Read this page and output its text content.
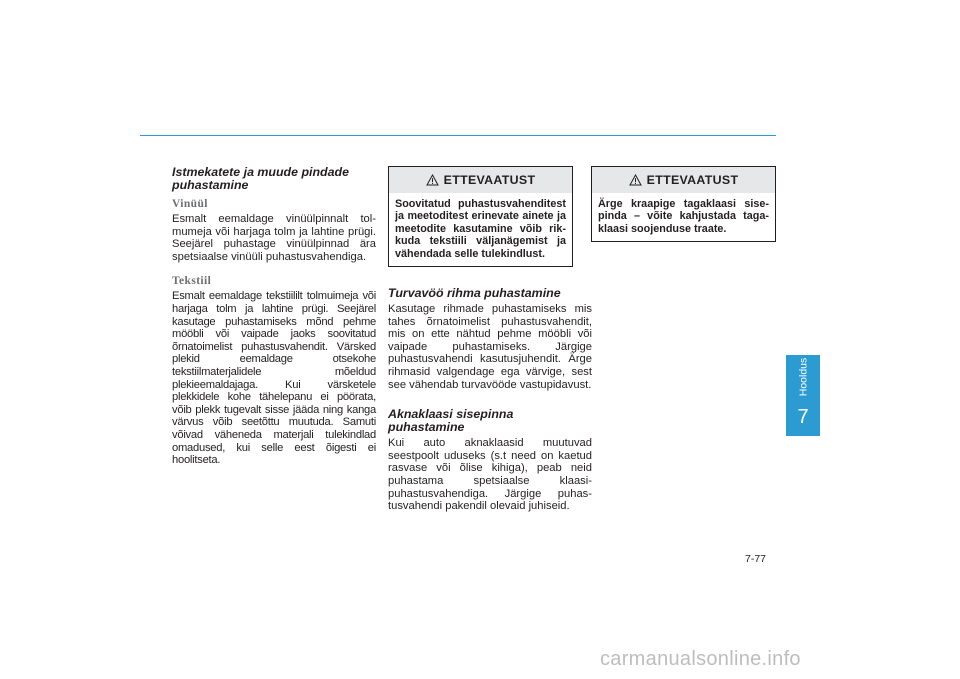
Istmekatete ja muude pindade puhastamine
Vinüül

Esmalt eemaldage vinüülpinnalt tolmumeja või harjaga tolm ja lahtine prügi. Seejärel puhastage vinüülpinnad ära spetsiaalse vinüüli puhastusvahendiga.

Tekstiil

Esmalt eemaldage tekstiililt tolmuimeja või harjaga tolm ja lahtine prügi. Seejärel kasutage puhastamiseks mõnd pehme mööbli või vaipade jaoks soovitatud õrnatoimelist puhastusvahendit. Värsked plekid eemaldage otsekohe tekstiilmaterjalidele mõeldud plekieemaldajaga. Kui värsketele plekkidele kohe tähelepanu ei pöörata, võib plekk tugevalt sisse jääda ning kanga värvus võib seetõttu muutuda. Samuti võivad väheneda materjali tulekindlad omadused, kui selle eest õigesti ei hoolitseta.

ETTEVAATUST
Soovitatud puhastusvahenditest ja meetoditest erinevate ainete ja meetodite kasutamine võib rikkuda tekstiili väljanägemist ja vähendada selle tulekindlust.
Turvavöö rihma puhastamine

Kasutage rihmade puhastamiseks mis tahes õrnatoimelist puhastusvahendit, mis on ette nähtud pehme mööbli või vaipade puhastamiseks. Järgige puhastusvahendi kasutusjuhendit. Ärge rihmasid valgendage ega värvige, sest see vähendab turvavööde vastupidavust.

Aknaklaasi sisepinna puhastamine

Kui auto aknaklaasid muutuvad seestpoolt uduseks (s.t need on kaetud rasvase või õlise kihiga), peab neid puhastama spetsiaalse klaasipuhastusvahendiga. Järgige puhastusvahendi pakendil olevaid juhiseid.

ETTEVAATUST
Ärge kraapige tagaklaasi sisepinda – võite kahjustada tagaklaasi soojenduse traate.
Hooldus
7
7-77
carmanualsonline.info
